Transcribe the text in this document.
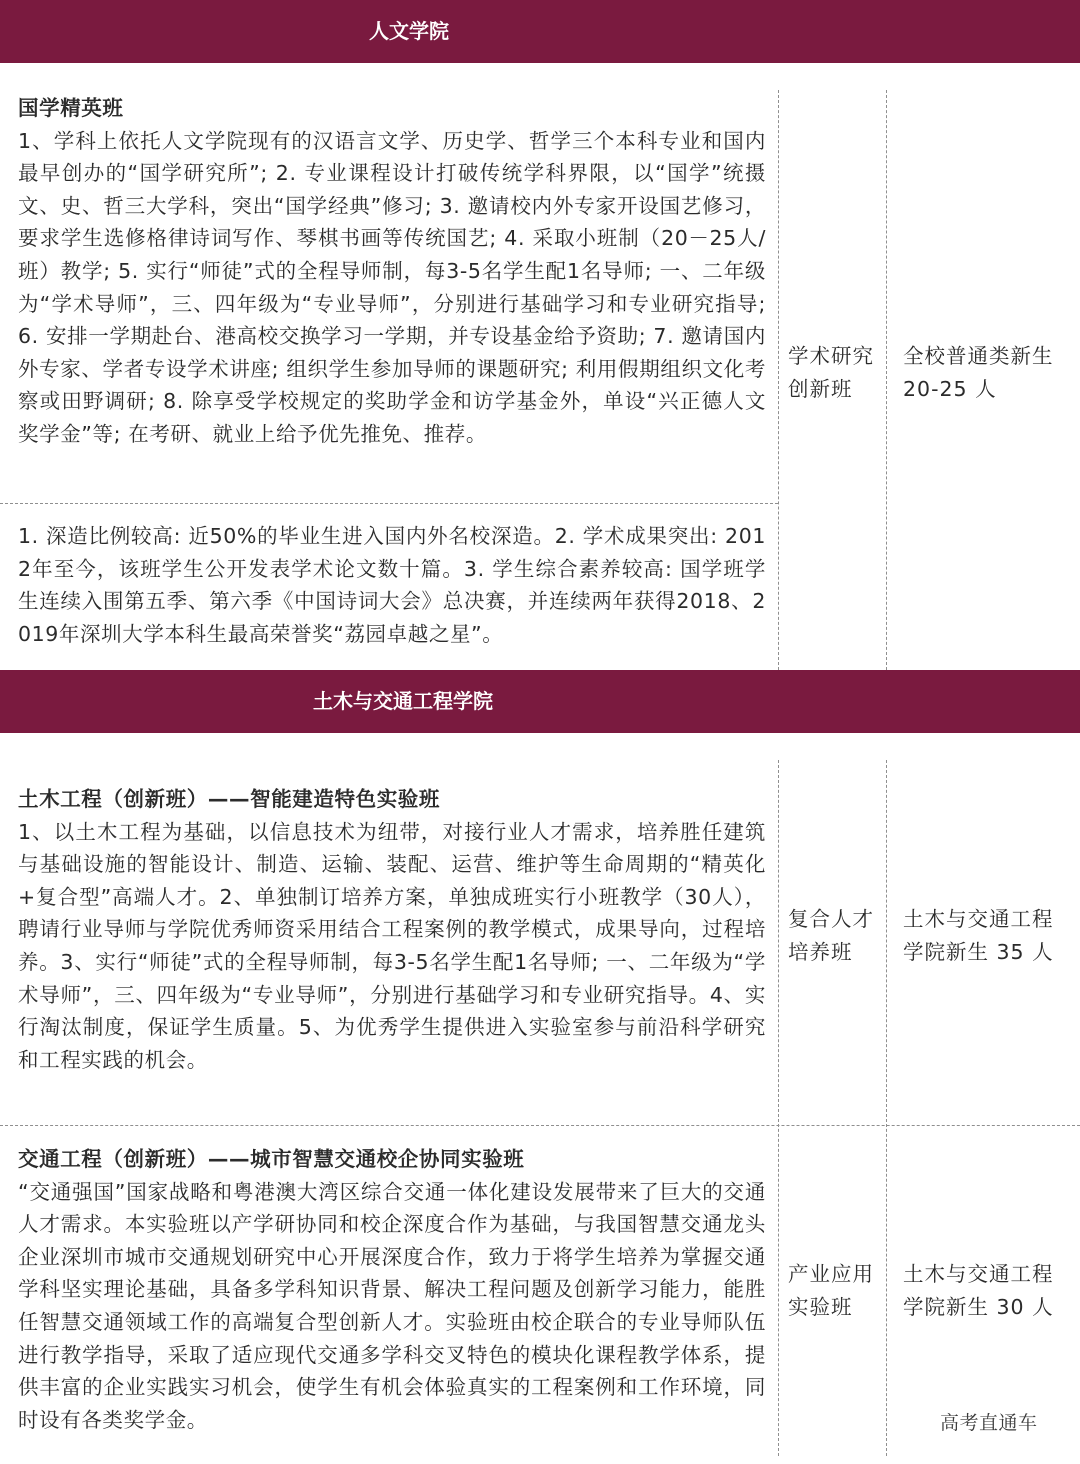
人文学院
国学精英班
1、学科上依托人文学院现有的汉语言文学、历史学、哲学三个本科专业和国内最早创办的“国学研究所”; 2. 专业课程设计打破传统学科界限，以“国学”统摄文、史、哲三大学科，突出“国学经典”修习; 3. 邀请校内外专家开设国艺修习，要求学生选修格律诗词写作、琴棋书画等传统国艺; 4. 采取小班制（20－25人/班）教学; 5. 实行“师徒”式的全程导师制，每3-5名学生配1名导师; 一、二年级为“学术导师”，三、四年级为“专业导师”，分别进行基础学习和专业研究指导; 6. 安排一学期赴台、港高校交换学习一学期，并专设基金给予资助; 7. 邀请国内外专家、学者专设学术讲座; 组织学生参加导师的课题研究; 利用假期组织文化考察或田野调研; 8. 除享受学校规定的奖助学金和访学基金外，单设“兴正德人文奖学金”等; 在考研、就业上给予优先推免、推荐。
1. 深造比例较高: 近50%的毕业生进入国内外名校深造。2. 学术成果突出: 2012年至今，该班学生公开发表学术论文数十篇。3. 学生综合素养较高: 国学班学生连续入围第五季、第六季《中国诗词大会》总决赛，并连续两年获得2018、2019年深圳大学本科生最高荣誉奖“荔园卓越之星”。
学术研究
创新班
全校普通类新生
20-25 人
土木与交通工程学院
土木工程（创新班）——智能建造特色实验班
1、以土木工程为基础，以信息技术为纽带，对接行业人才需求，培养胜任建筑与基础设施的智能设计、制造、运输、装配、运营、维护等生命周期的“精英化+复合型”高端人才。2、单独制订培养方案，单独成班实行小班教学（30人），聘请行业导师与学院优秀师资采用结合工程案例的教学模式，成果导向，过程培养。3、实行“师徒”式的全程导师制，每3-5名学生配1名导师; 一、二年级为“学术导师”，三、四年级为“专业导师”，分别进行基础学习和专业研究指导。4、实行淘汰制度，保证学生质量。5、为优秀学生提供进入实验室参与前沿科学研究和工程实践的机会。
复合人才
培养班
土木与交通工程
学院新生 35 人
交通工程（创新班）——城市智慧交通校企协同实验班
“交通强国”国家战略和粤港澳大湾区综合交通一体化建设发展带来了巨大的交通人才需求。本实验班以产学研协同和校企深度合作为基础，与我国智慧交通龙头企业深圳市城市交通规划研究中心开展深度合作，致力于将学生培养为掌握交通学科坚实理论基础，具备多学科知识背景、解决工程问题及创新学习能力，能胜任智慧交通领域工作的高端复合型创新人才。实验班由校企联合的专业导师队伍进行教学指导，采取了适应现代交通多学科交叉特色的模块化课程教学体系，提供丰富的企业实践实习机会，使学生有机会体验真实的工程案例和工作环境，同时设有各类奖学金。
产业应用
实验班
土木与交通工程
学院新生 30 人
高考直通车
